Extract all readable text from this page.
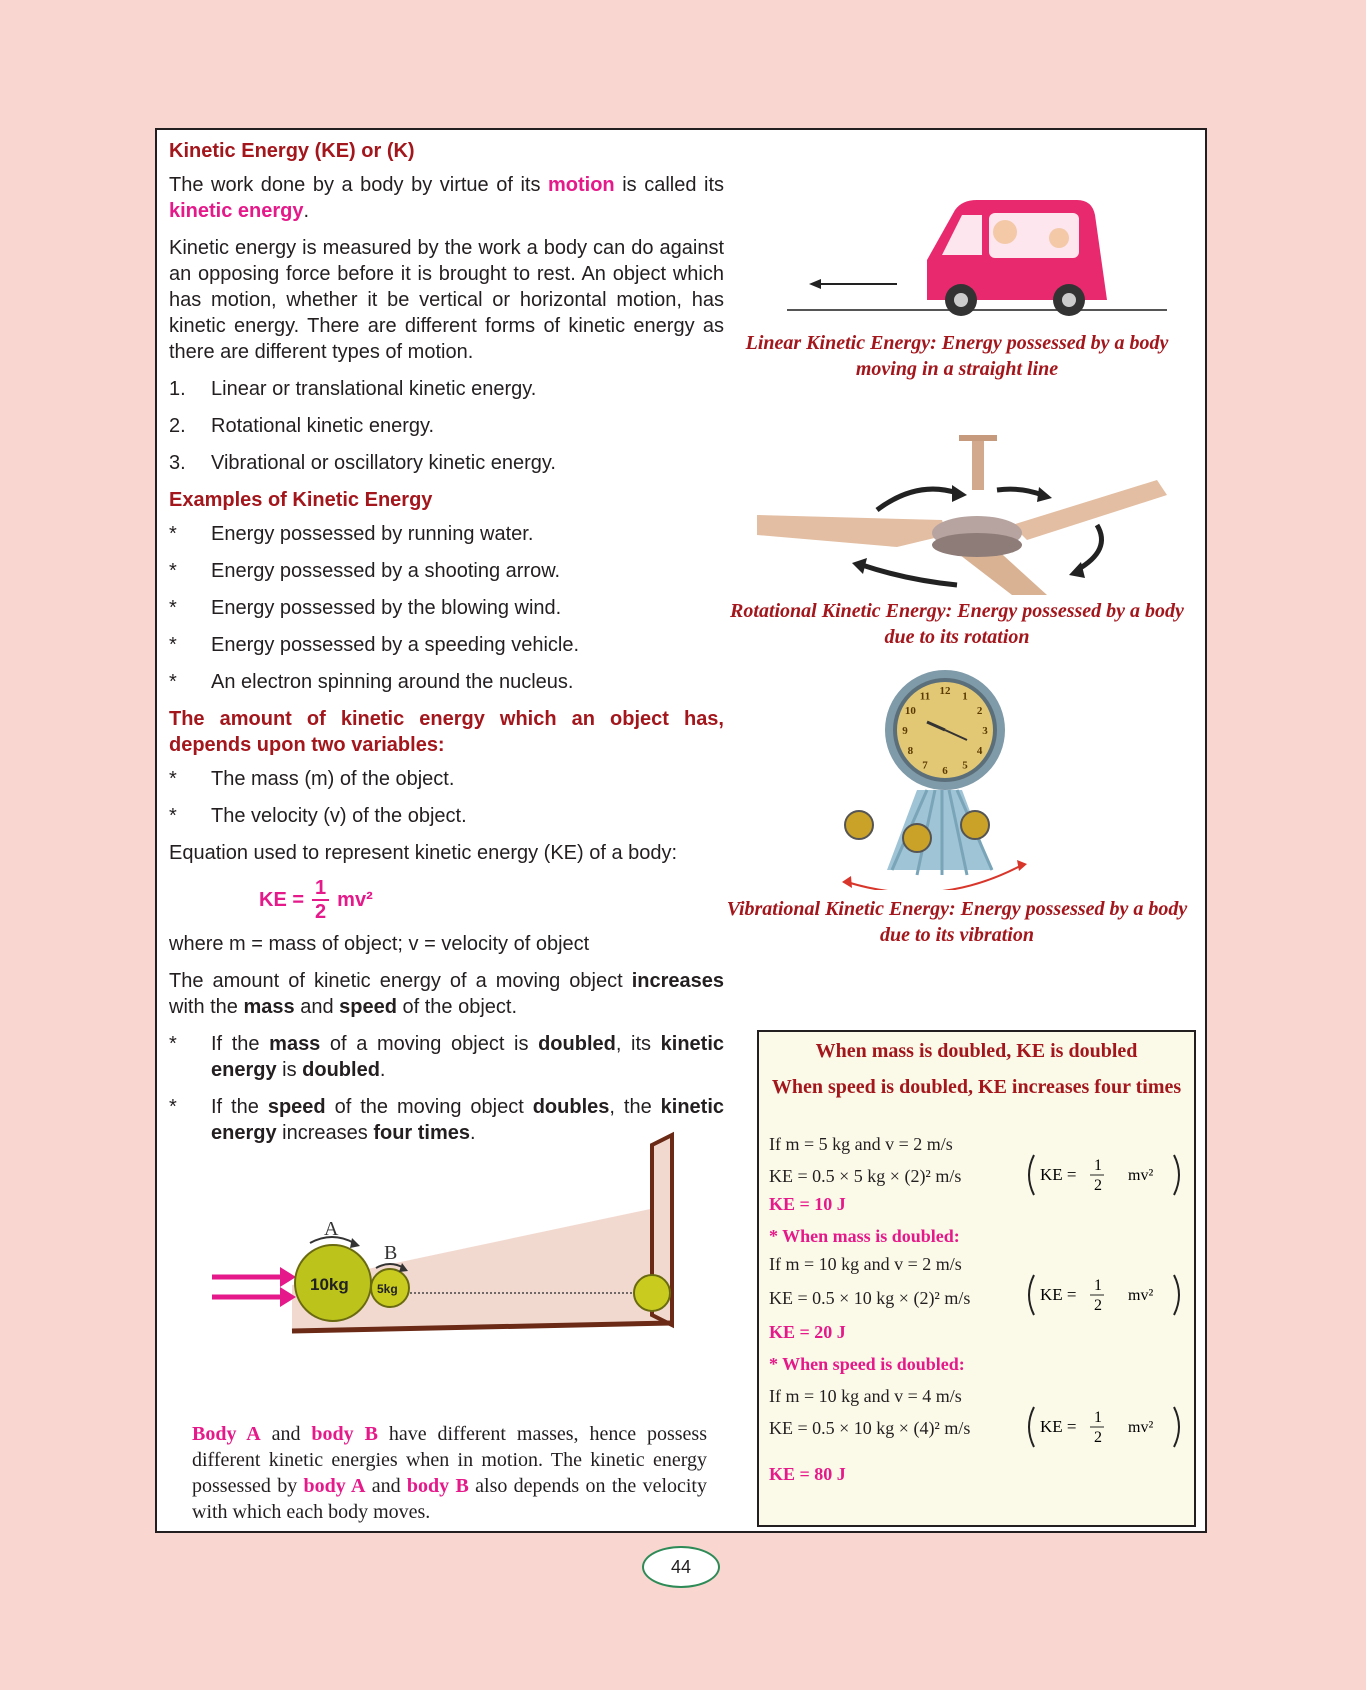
Kinetic Energy (KE) or (K)

The work done by a body by virtue of its motion is called its kinetic energy.

Kinetic energy is measured by the work a body can do against an opposing force before it is brought to rest. An object which has motion, whether it be vertical or horizontal motion, has kinetic energy. There are different forms of kinetic energy as there are different types of motion.

1.	Linear or translational kinetic energy.
2.	Rotational kinetic energy.
3.	Vibrational or oscillatory kinetic energy.
Examples of Kinetic Energy
*	Energy possessed by running water.
*	Energy possessed by a shooting arrow.
*	Energy possessed by the blowing wind.
*	Energy possessed by a speeding vehicle.
*	An electron spinning around the nucleus.
The amount of kinetic energy which an object has, depends upon two variables:
*	The mass (m) of the object.
*	The velocity (v) of the object.

Equation used to represent kinetic energy (KE) of a body:

KE = $\frac{1}{2} mv^2$

where m = mass of object; v = velocity of object

The amount of kinetic energy of a moving object increases with the mass and speed of the object.

*	If the mass of a moving object is doubled, its kinetic energy is doubled.
*	If the speed of the moving object doubles, the kinetic energy increases four times.
A
B
10kg 5kg
Body A and body B have different masses, hence possess different kinetic energies when in motion. The kinetic energy possessed by body A and body B also depends on the velocity with which each body moves.
Linear Kinetic Energy: Energy possessed by a body moving in a straight line
Rotational Kinetic Energy: Energy possessed by a body due to its rotation
12 1
2
3
4
5
6
7
8
9
10
11
Vibrational Kinetic Energy: Energy possessed by a body due to its vibration
When mass is doubled, KE is doubled
When speed is doubled, KE increases four times
If m = 5 kg and v = 2 m/s
KE = 0.5 × 5 kg × (2)² m/s
KE = 10 J
* When mass is doubled:
If m = 10 kg and v = 2 m/s
KE = 0.5 × 10 kg × (2)² m/s
KE = 20 J
* When speed is doubled:
If m = 10 kg and v = 4 m/s
KE = 0.5 × 10 kg × (4)² m/s
KE = 80 J
KE = 1
2
mv²
KE = 1
2
mv²
KE = 1
2
mv²
44
